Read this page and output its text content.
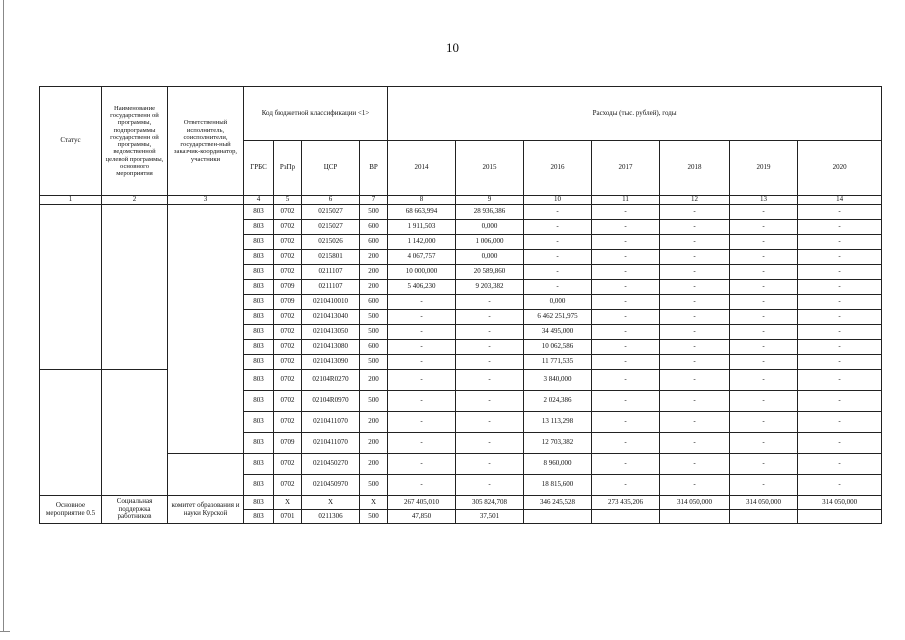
10
Статус	Наименование государственн ой программы, подпрограммы государственн ой программы, ведомственной целевой программы, основного мероприятия	Ответственный исполнитель, соисполнители, государствен-ный заказчик-координатор, участники	Код бюджетной классификации <1>				Расходы (тыс. рублей), годы						
			ГРБС	РзПр	ЦСР	ВР	2014	2015	2016	2017	2018	2019	2020
1	2	3	4	5	6	7	8	9	10	11	12	13	14
			803	0702	0215027	500	68 663,994	28 936,386	-	-	-	-	-
			803	0702	0215027	600	1 911,503	0,000	-	-	-	-	-
			803	0702	0215026	600	1 142,000	1 006,000	-	-	-	-	-
			803	0702	0215801	200	4 067,757	0,000	-	-	-	-	-
			803	0702	0211107	200	10 000,000	20 589,860	-	-	-	-	-
			803	0709	0211107	200	5 406,230	9 203,382	-	-	-	-	-
			803	0709	0210410010	600	-	-	0,000	-	-	-	-
			803	0702	0210413040	500	-	-	6 462 251,975	-	-	-	-
			803	0702	0210413050	500	-	-	34 495,000	-	-	-	-
			803	0702	0210413080	600	-	-	10 062,586	-	-	-	-
			803	0702	0210413090	500	-	-	11 771,535	-	-	-	-
			803	0702	02104R0270	200	-	-	3 840,000	-	-	-	-
			803	0702	02104R0970	500	-	-	2 024,386	-	-	-	-
			803	0702	0210411070	200	-	-	13 113,298	-	-	-	-
			803	0709	0210411070	200	-	-	12 703,382	-	-	-	-
			803	0702	0210450270	200	-	-	8 960,000	-	-	-	-
			803	0702	0210450970	500	-	-	18 815,600	-	-	-	-
Основное мероприятие 0.5	Социальная поддержка работников	комитет образования и науки Курской	803	X	X	X	267 405,010	305 824,708	346 245,528	273 435,206	314 050,000	314 050,000	314 050,000
			803	0701	0211306	500	47,850	37,501					
